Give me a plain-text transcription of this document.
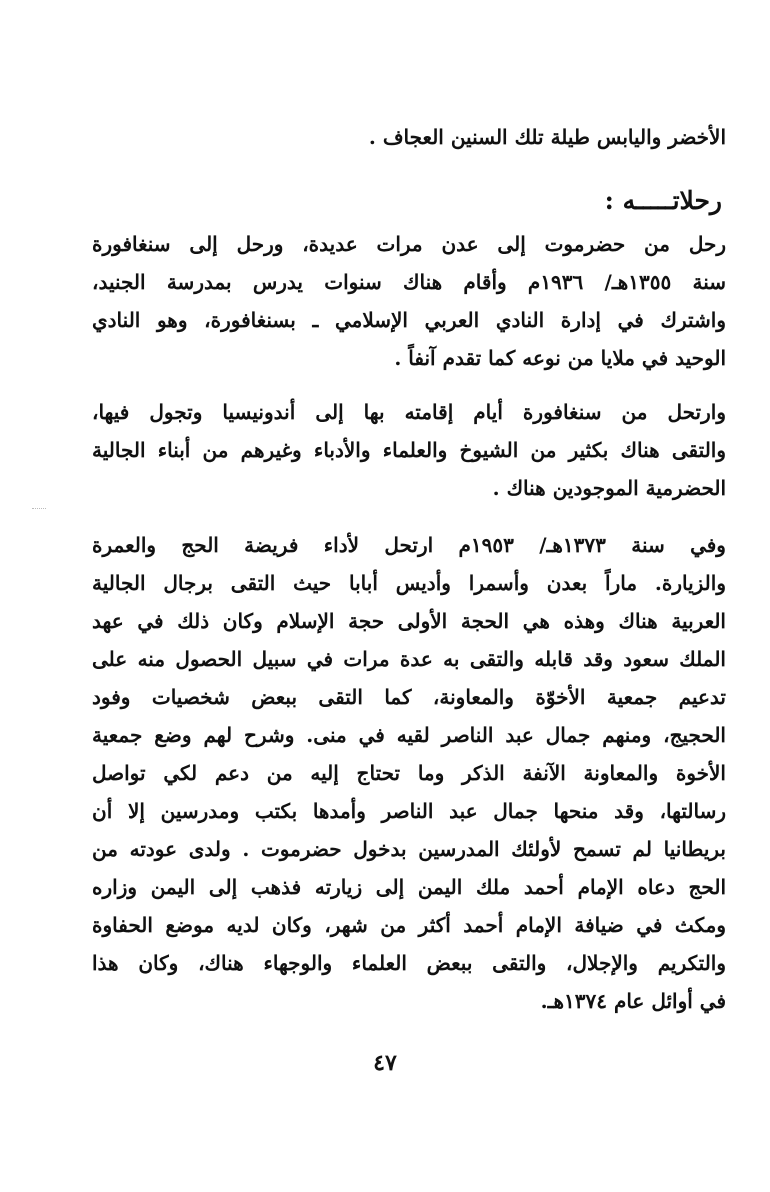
الأخضر واليابس طيلة تلك السنين العجاف .
رحلاتـــــه :
رحل من حضرموت إلى عدن مرات عديدة، ورحل إلى سنغافورة
سنة ١٣٥٥هـ/ ١٩٣٦م وأقام هناك سنوات يدرس بمدرسة الجنيد،
واشترك في إدارة النادي العربي الإسلامي ـ بسنغافورة، وهو النادي
الوحيد في ملايا من نوعه كما تقدم آنفاً .
وارتحل من سنغافورة أيام إقامته بها إلى أندونيسيا وتجول فيها،
والتقى هناك بكثير من الشيوخ والعلماء والأدباء وغيرهم من أبناء الجالية
الحضرمية الموجودين هناك .
وفي سنة ١٣٧٣هـ/ ١٩٥٣م ارتحل لأداء فريضة الحج والعمرة
والزيارة. ماراً بعدن وأسمرا وأديس أبابا حيث التقى برجال الجالية
العربية هناك وهذه هي الحجة الأولى حجة الإسلام وكان ذلك في عهد
الملك سعود وقد قابله والتقى به عدة مرات في سبيل الحصول منه على
تدعيم جمعية الأخوّة والمعاونة، كما التقى ببعض شخصيات وفود
الحجيج، ومنهم جمال عبد الناصر لقيه في منى. وشرح لهم وضع جمعية
الأخوة والمعاونة الآنفة الذكر وما تحتاج إليه من دعم لكي تواصل
رسالتها، وقد منحها جمال عبد الناصر وأمدها بكتب ومدرسين إلا أن
بريطانيا لم تسمح لأولئك المدرسين بدخول حضرموت . ولدى عودته من
الحج دعاه الإمام أحمد ملك اليمن إلى زيارته فذهب إلى اليمن وزاره
ومكث في ضيافة الإمام أحمد أكثر من شهر، وكان لديه موضع الحفاوة
والتكريم والإجلال، والتقى ببعض العلماء والوجهاء هناك، وكان هذا
في أوائل عام ١٣٧٤هـ.
٤٧
